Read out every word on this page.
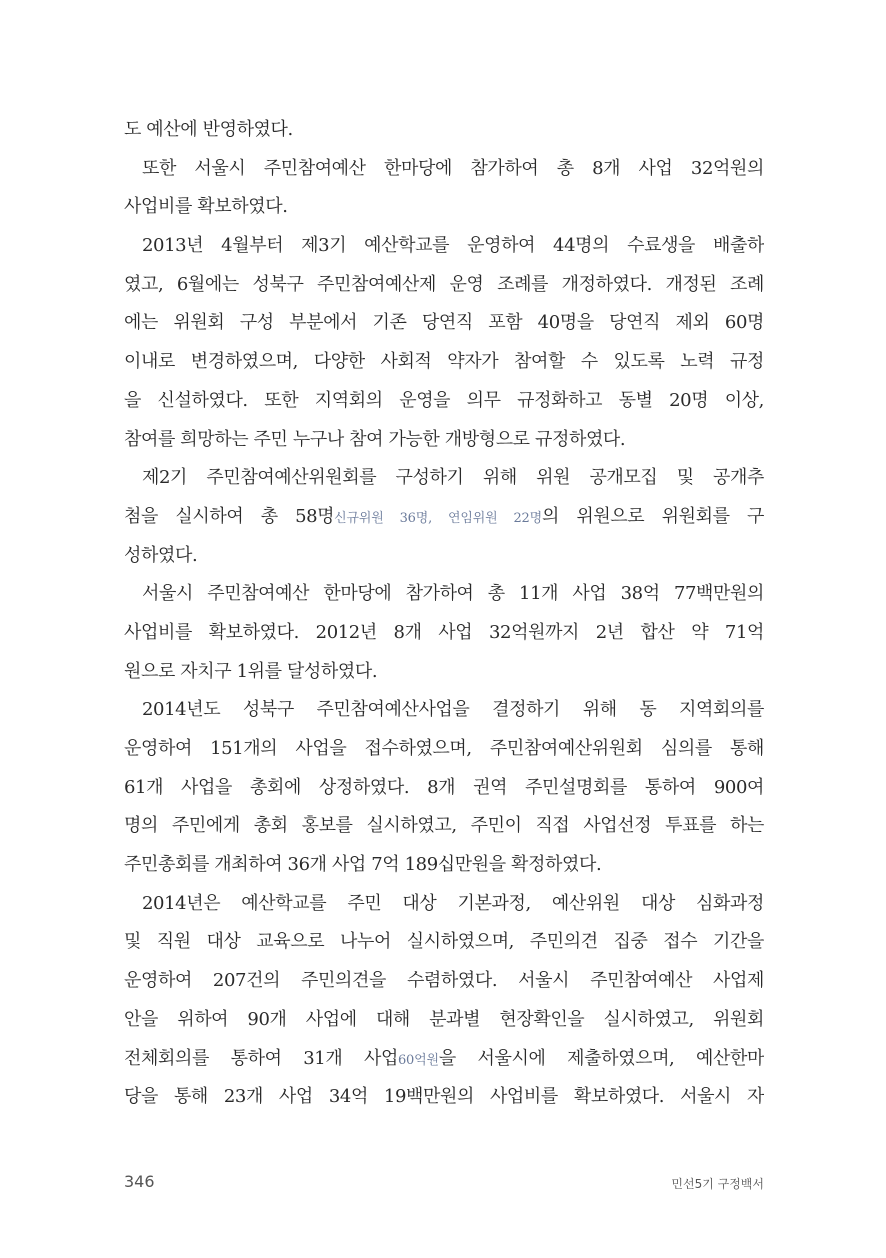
도 예산에 반영하였다.
또한 서울시 주민참여예산 한마당에 참가하여 총 8개 사업 32억원의
사업비를 확보하였다.
2013년 4월부터 제3기 예산학교를 운영하여 44명의 수료생을 배출하
였고, 6월에는 성북구 주민참여예산제 운영 조례를 개정하였다. 개정된 조례
에는 위원회 구성 부분에서 기존 당연직 포함 40명을 당연직 제외 60명
이내로 변경하였으며, 다양한 사회적 약자가 참여할 수 있도록 노력 규정
을 신설하였다. 또한 지역회의 운영을 의무 규정화하고 동별 20명 이상,
참여를 희망하는 주민 누구나 참여 가능한 개방형으로 규정하였다.
제2기 주민참여예산위원회를 구성하기 위해 위원 공개모집 및 공개추
첨을 실시하여 총 58명신규위원 36명, 연임위원 22명의 위원으로 위원회를 구
성하였다.
서울시 주민참여예산 한마당에 참가하여 총 11개 사업 38억 77백만원의
사업비를 확보하였다. 2012년 8개 사업 32억원까지 2년 합산 약 71억
원으로 자치구 1위를 달성하였다.
2014년도 성북구 주민참여예산사업을 결정하기 위해 동 지역회의를
운영하여 151개의 사업을 접수하였으며, 주민참여예산위원회 심의를 통해
61개 사업을 총회에 상정하였다. 8개 권역 주민설명회를 통하여 900여
명의 주민에게 총회 홍보를 실시하였고, 주민이 직접 사업선정 투표를 하는
주민총회를 개최하여 36개 사업 7억 189십만원을 확정하였다.
2014년은 예산학교를 주민 대상 기본과정, 예산위원 대상 심화과정
및 직원 대상 교육으로 나누어 실시하였으며, 주민의견 집중 접수 기간을
운영하여 207건의 주민의견을 수렴하였다. 서울시 주민참여예산 사업제
안을 위하여 90개 사업에 대해 분과별 현장확인을 실시하였고, 위원회
전체회의를 통하여 31개 사업60억원을 서울시에 제출하였으며, 예산한마
당을 통해 23개 사업 34억 19백만원의 사업비를 확보하였다. 서울시 자
346	민선5기 구정백서
